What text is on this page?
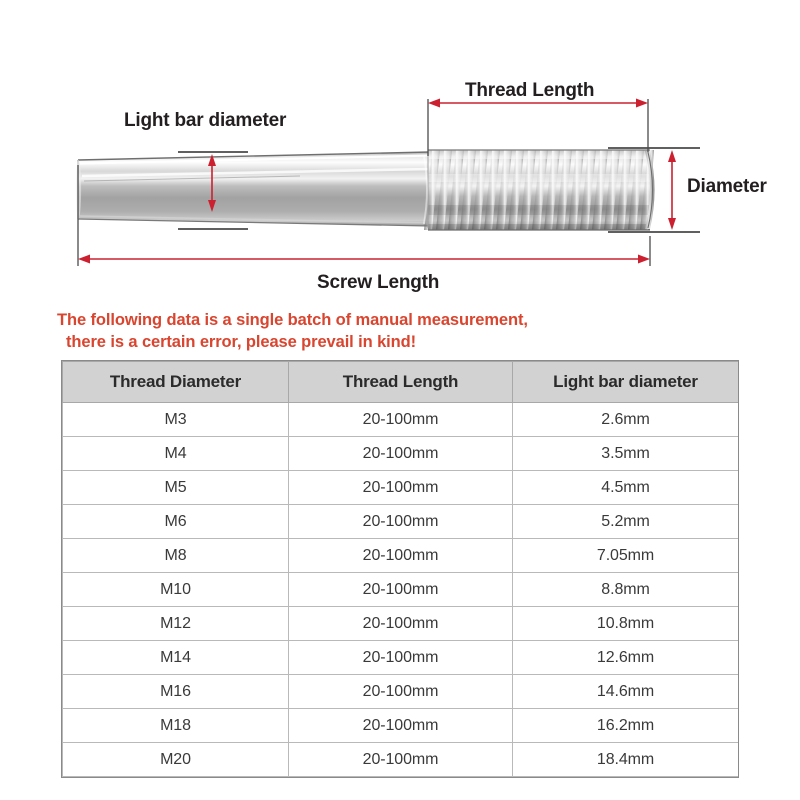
Thread Length
Light bar diameter
Diameter
Screw Length
The following data is a single batch of manual measurement,
there is a certain error, please prevail in kind!
Thread Diameter	Thread Length	Light bar diameter
M3	20-100mm	2.6mm
M4	20-100mm	3.5mm
M5	20-100mm	4.5mm
M6	20-100mm	5.2mm
M8	20-100mm	7.05mm
M10	20-100mm	8.8mm
M12	20-100mm	10.8mm
M14	20-100mm	12.6mm
M16	20-100mm	14.6mm
M18	20-100mm	16.2mm
M20	20-100mm	18.4mm
